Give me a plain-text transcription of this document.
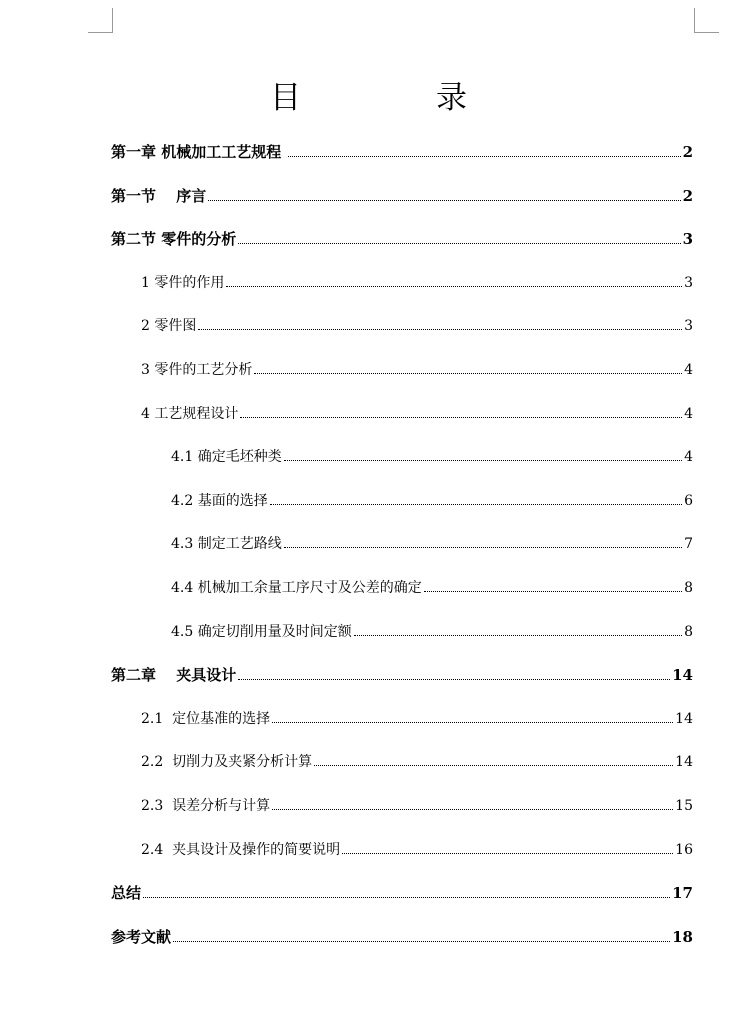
目　录
第一章 机械加工工艺规程	2
第一节 　序言	2
第二节 零件的分析	3
1 零件的作用	3
2 零件图	3
3 零件的工艺分析	4
4 工艺规程设计	4
4.1 确定毛坯种类	4
4.2 基面的选择	6
4.3 制定工艺路线	7
4.4 机械加工余量工序尺寸及公差的确定	8
4.5 确定切削用量及时间定额	8
第二章 　夹具设计	14
2.1  定位基准的选择	14
2.2  切削力及夹紧分析计算	14
2.3  误差分析与计算	15
2.4  夹具设计及操作的简要说明	16
总结	17
参考文献	18
